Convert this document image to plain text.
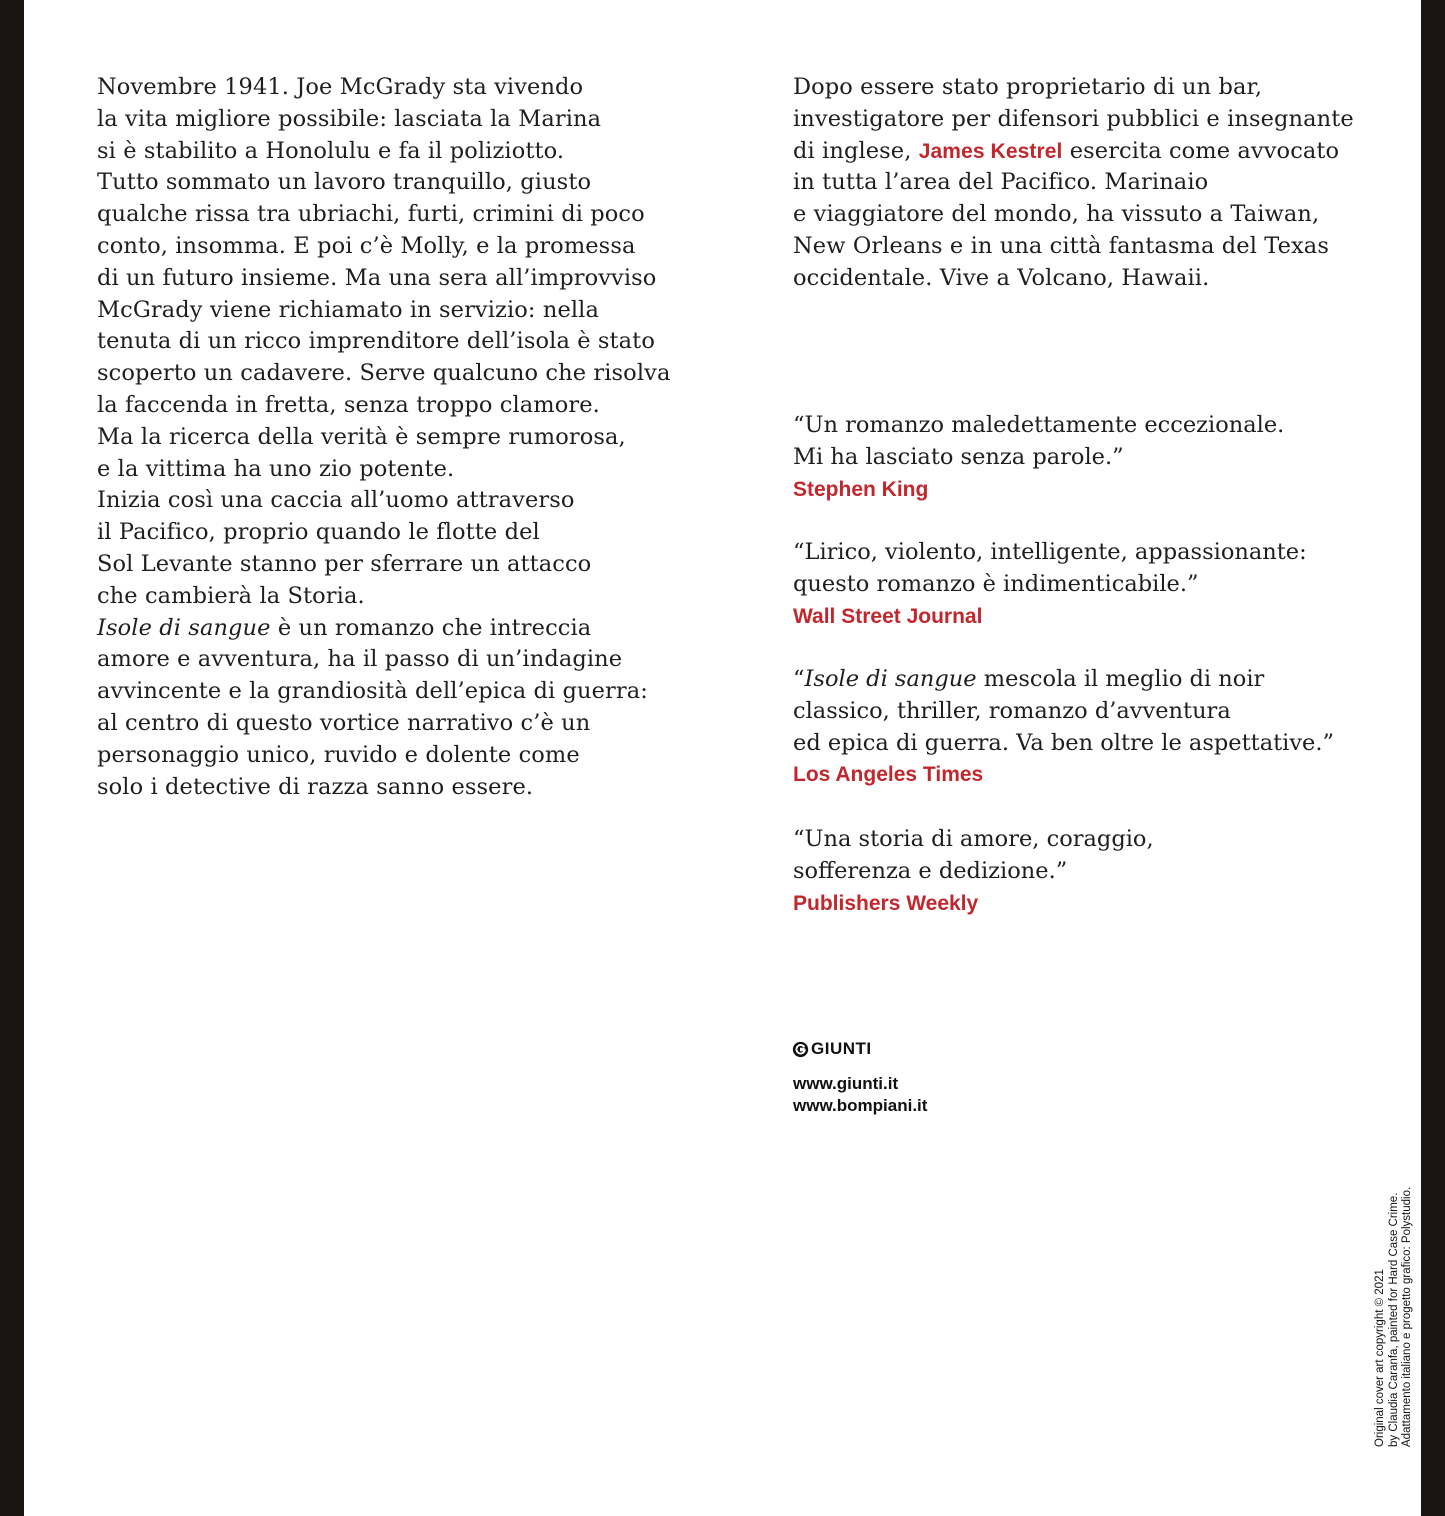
Novembre 1941. Joe McGrady sta vivendo
la vita migliore possibile: lasciata la Marina
si è stabilito a Honolulu e fa il poliziotto.
Tutto sommato un lavoro tranquillo, giusto
qualche rissa tra ubriachi, furti, crimini di poco
conto, insomma. E poi c’è Molly, e la promessa
di un futuro insieme. Ma una sera all’improvviso
McGrady viene richiamato in servizio: nella
tenuta di un ricco imprenditore dell’isola è stato
scoperto un cadavere. Serve qualcuno che risolva
la faccenda in fretta, senza troppo clamore.
Ma la ricerca della verità è sempre rumorosa,
e la vittima ha uno zio potente.
Inizia così una caccia all’uomo attraverso
il Pacifico, proprio quando le flotte del
Sol Levante stanno per sferrare un attacco
che cambierà la Storia.
Isole di sangue è un romanzo che intreccia
amore e avventura, ha il passo di un’indagine
avvincente e la grandiosità dell’epica di guerra:
al centro di questo vortice narrativo c’è un
personaggio unico, ruvido e dolente come
solo i detective di razza sanno essere.
Dopo essere stato proprietario di un bar,
investigatore per difensori pubblici e insegnante
di inglese, James Kestrel esercita come avvocato
in tutta l’area del Pacifico. Marinaio
e viaggiatore del mondo, ha vissuto a Taiwan,
New Orleans e in una città fantasma del Texas
occidentale. Vive a Volcano, Hawaii.
“Un romanzo maledettamente eccezionale.
Mi ha lasciato senza parole.”
Stephen King
“Lirico, violento, intelligente, appassionante:
questo romanzo è indimenticabile.”
Wall Street Journal
“Isole di sangue mescola il meglio di noir
classico, thriller, romanzo d’avventura
ed epica di guerra. Va ben oltre le aspettative.”
Los Angeles Times
“Una storia di amore, coraggio,
sofferenza e dedizione.”
Publishers Weekly
GIUNTI
www.giunti.it
www.bompiani.it
Original cover art copyright © 2021 by Claudia Caranfa, painted for Hard Case Crime. Adattamento italiano e progetto grafico: Polystudio.
